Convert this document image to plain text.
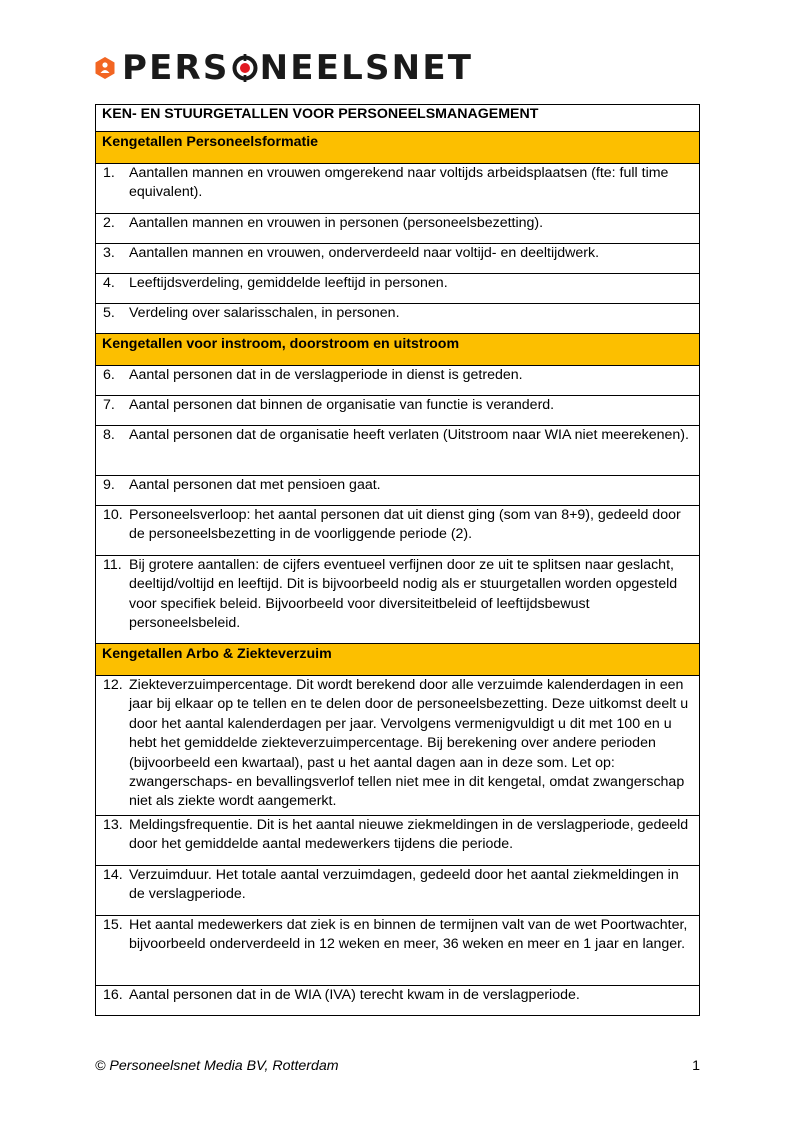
PERS NEELSNET
KEN- EN STUURGETALLEN VOOR PERSONEELSMANAGEMENT
Kengetallen Personeelsformatie

1. Aantallen mannen en vrouwen omgerekend naar voltijds arbeidsplaatsen (fte: full time equivalent).

2. Aantallen mannen en vrouwen in personen (personeelsbezetting).

3. Aantallen mannen en vrouwen, onderverdeeld naar voltijd- en deeltijdwerk.

4. Leeftijdsverdeling, gemiddelde leeftijd in personen.

5. Verdeling over salarisschalen, in personen.

Kengetallen voor instroom, doorstroom en uitstroom

6. Aantal personen dat in de verslagperiode in dienst is getreden.

7. Aantal personen dat binnen de organisatie van functie is veranderd.

8. Aantal personen dat de organisatie heeft verlaten (Uitstroom naar WIA niet meerekenen).

9. Aantal personen dat met pensioen gaat.

10. Personeelsverloop: het aantal personen dat uit dienst ging (som van 8+9), gedeeld door de personeelsbezetting in de voorliggende periode (2).

11. Bij grotere aantallen: de cijfers eventueel verfijnen door ze uit te splitsen naar geslacht, deeltijd/voltijd en leeftijd. Dit is bijvoorbeeld nodig als er stuurgetallen worden opgesteld voor specifiek beleid. Bijvoorbeeld voor diversiteitbeleid of leeftijdsbewust personeelsbeleid.

Kengetallen Arbo & Ziekteverzuim

12. Ziekteverzuimpercentage. Dit wordt berekend door alle verzuimde kalenderdagen in een jaar bij elkaar op te tellen en te delen door de personeelsbezetting. Deze uitkomst deelt u door het aantal kalenderdagen per jaar. Vervolgens vermenigvuldigt u dit met 100 en u hebt het gemiddelde ziekteverzuimpercentage. Bij berekening over andere perioden (bijvoorbeeld een kwartaal), past u het aantal dagen aan in deze som. Let op: zwangerschaps- en bevallingsverlof tellen niet mee in dit kengetal, omdat zwangerschap niet als ziekte wordt aangemerkt.

13. Meldingsfrequentie. Dit is het aantal nieuwe ziekmeldingen in de verslagperiode, gedeeld door het gemiddelde aantal medewerkers tijdens die periode.

14. Verzuimduur. Het totale aantal verzuimdagen, gedeeld door het aantal ziekmeldingen in de verslagperiode.

15. Het aantal medewerkers dat ziek is en binnen de termijnen valt van de wet Poortwachter, bijvoorbeeld onderverdeeld in 12 weken en meer, 36 weken en meer en 1 jaar en langer.

16. Aantal personen dat in de WIA (IVA) terecht kwam in de verslagperiode.
© Personeelsnet Media BV, Rotterdam	1
